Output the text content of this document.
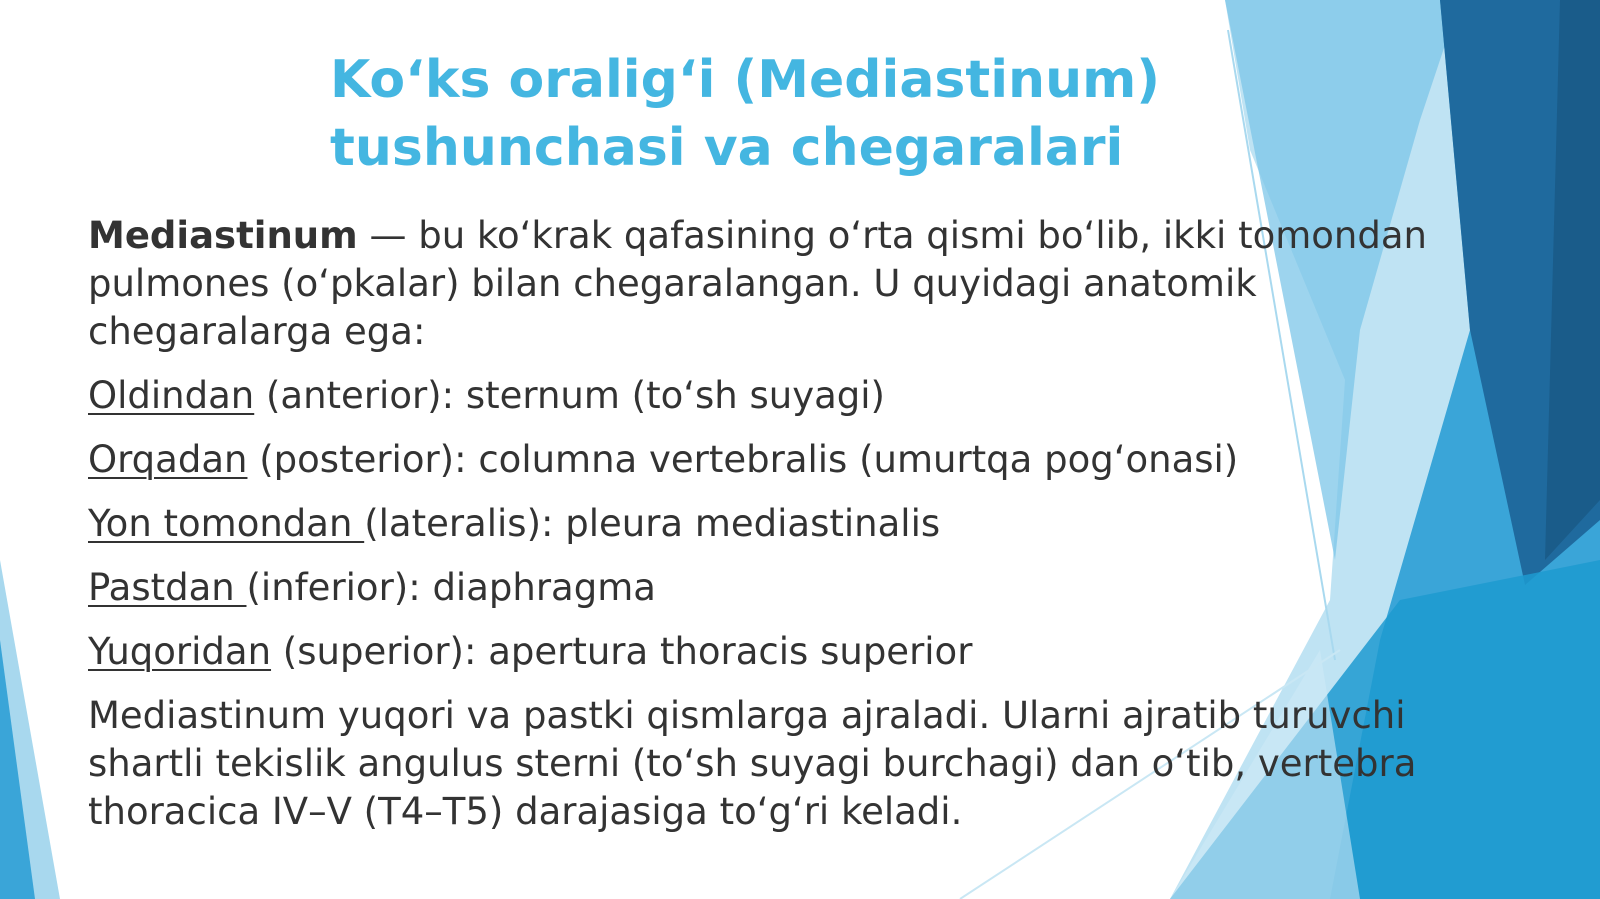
Ko‘ks oralig‘i (Mediastinum)
tushunchasi va chegaralari

Mediastinum — bu ko‘krak qafasining o‘rta qismi bo‘lib, ikki tomondan pulmones (o‘pkalar) bilan chegaralangan. U quyidagi anatomik chegaralarga ega:

Oldindan (anterior): sternum (to‘sh suyagi)

Orqadan (posterior): columna vertebralis (umurtqa pog‘onasi)

Yon tomondan (lateralis): pleura mediastinalis

Pastdan (inferior): diaphragma

Yuqoridan (superior): apertura thoracis superior

Mediastinum yuqori va pastki qismlarga ajraladi. Ularni ajratib turuvchi shartli tekislik angulus sterni (to‘sh suyagi burchagi) dan o‘tib, vertebra thoracica IV–V (T4–T5) darajasiga to‘g‘ri keladi.
